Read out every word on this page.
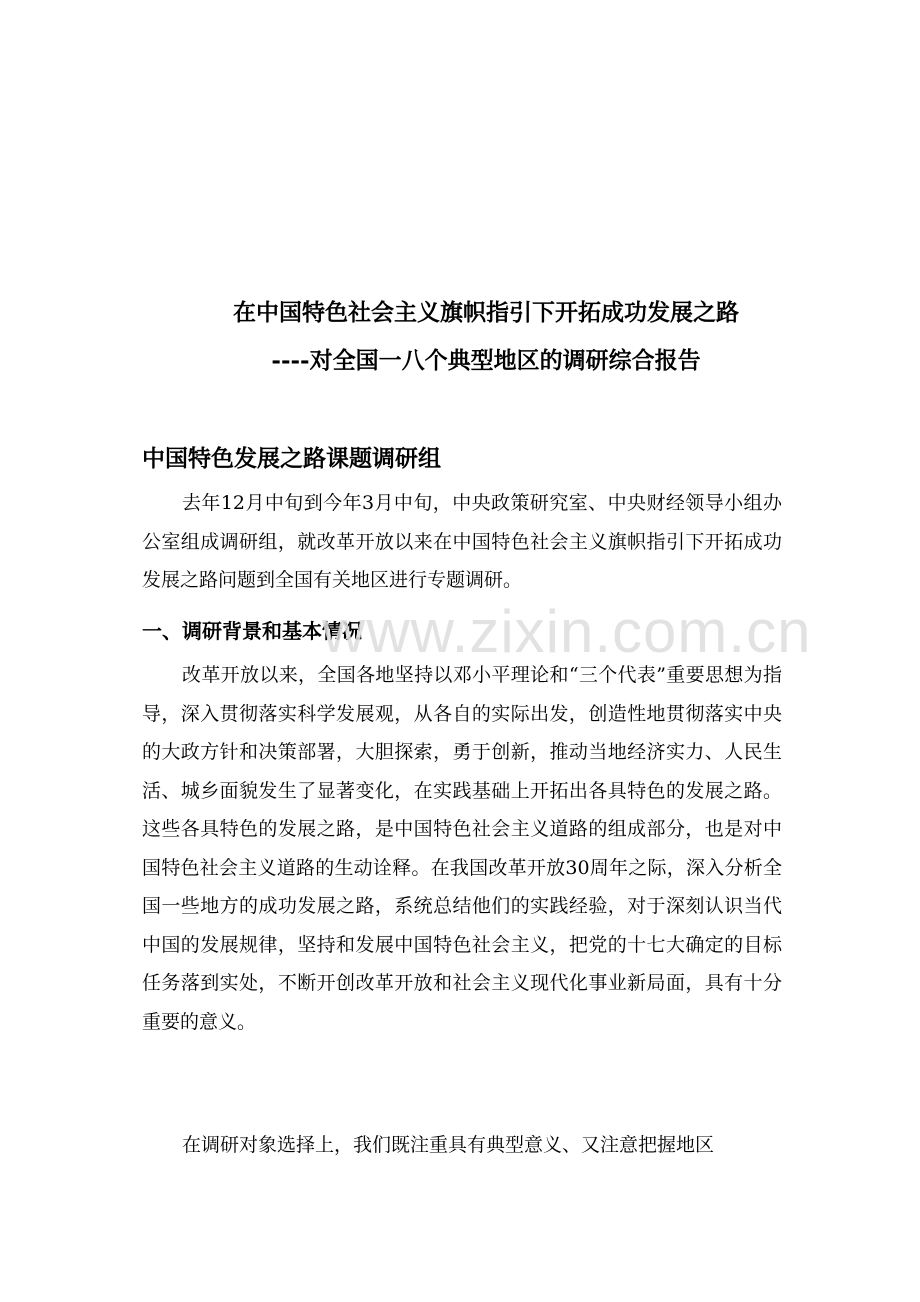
在中国特色社会主义旗帜指引下开拓成功发展之路
----对全国一八个典型地区的调研综合报告

中国特色发展之路课题调研组

去年12月中旬到今年3月中旬，中央政策研究室、中央财经领导小组办公室组成调研组，就改革开放以来在中国特色社会主义旗帜指引下开拓成功发展之路问题到全国有关地区进行专题调研。

一、调研背景和基本情况

改革开放以来，全国各地坚持以邓小平理论和“三个代表”重要思想为指导，深入贯彻落实科学发展观，从各自的实际出发，创造性地贯彻落实中央的大政方针和决策部署，大胆探索，勇于创新，推动当地经济实力、人民生活、城乡面貌发生了显著变化，在实践基础上开拓出各具特色的发展之路。这些各具特色的发展之路，是中国特色社会主义道路的组成部分，也是对中国特色社会主义道路的生动诠释。在我国改革开放30周年之际，深入分析全国一些地方的成功发展之路，系统总结他们的实践经验，对于深刻认识当代中国的发展规律，坚持和发展中国特色社会主义，把党的十七大确定的目标任务落到实处，不断开创改革开放和社会主义现代化事业新局面，具有十分重要的意义。

在调研对象选择上，我们既注重具有典型意义、又注意把握地区

www.zixin.com.cn
